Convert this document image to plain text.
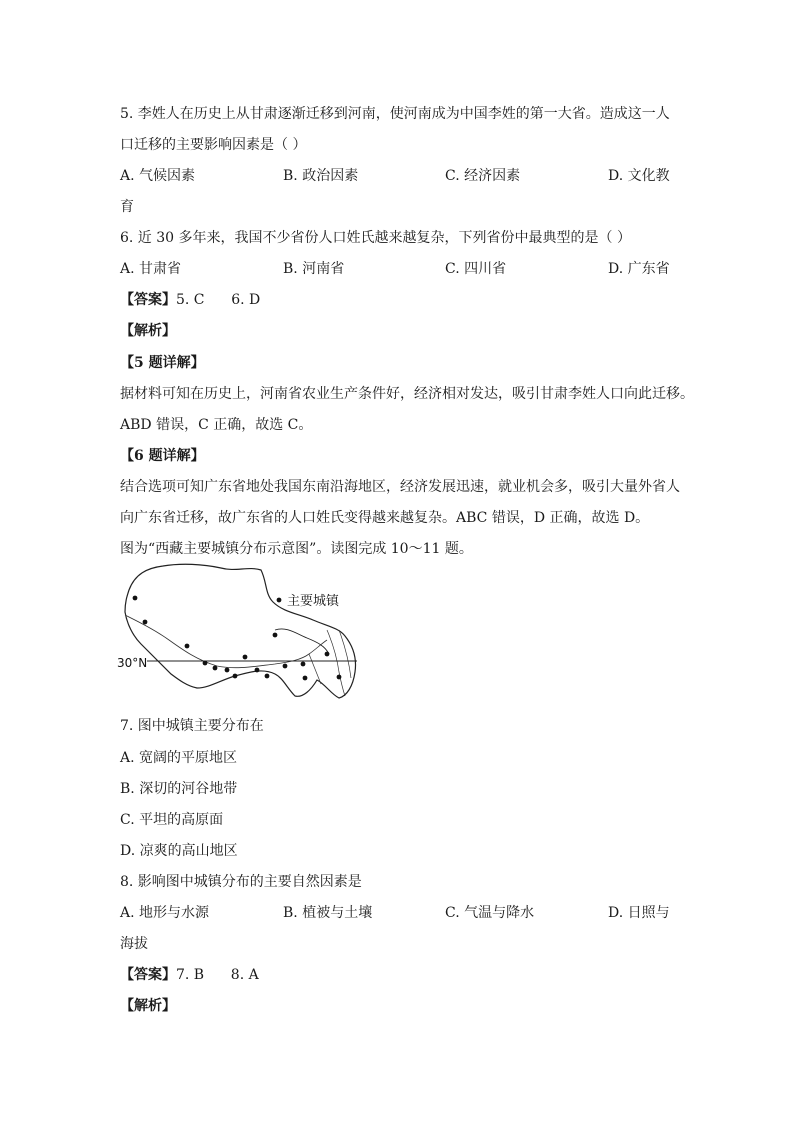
5. 李姓人在历史上从甘肃逐渐迁移到河南，使河南成为中国李姓的第一大省。造成这一人
口迁移的主要影响因素是（ ）
A. 气候因素	B. 政治因素	C. 经济因素	D. 文化教
育
6. 近 30 多年来，我国不少省份人口姓氏越来越复杂，下列省份中最典型的是（ ）
A. 甘肃省	B. 河南省	C. 四川省	D. 广东省
【答案】5. C      6. D
【解析】
【5 题详解】
据材料可知在历史上，河南省农业生产条件好，经济相对发达，吸引甘肃李姓人口向此迁移。
ABD 错误，C 正确，故选 C。
【6 题详解】
结合选项可知广东省地处我国东南沿海地区，经济发展迅速，就业机会多，吸引大量外省人
向广东省迁移，故广东省的人口姓氏变得越来越复杂。ABC 错误，D 正确，故选 D。
图为“西藏主要城镇分布示意图”。读图完成 10～11 题。
主要城镇
30°N
7. 图中城镇主要分布在
A. 宽阔的平原地区
B. 深切的河谷地带
C. 平坦的高原面
D. 凉爽的高山地区
8. 影响图中城镇分布的主要自然因素是
A. 地形与水源	B. 植被与土壤	C. 气温与降水	D. 日照与
海拔
【答案】7. B      8. A
【解析】
